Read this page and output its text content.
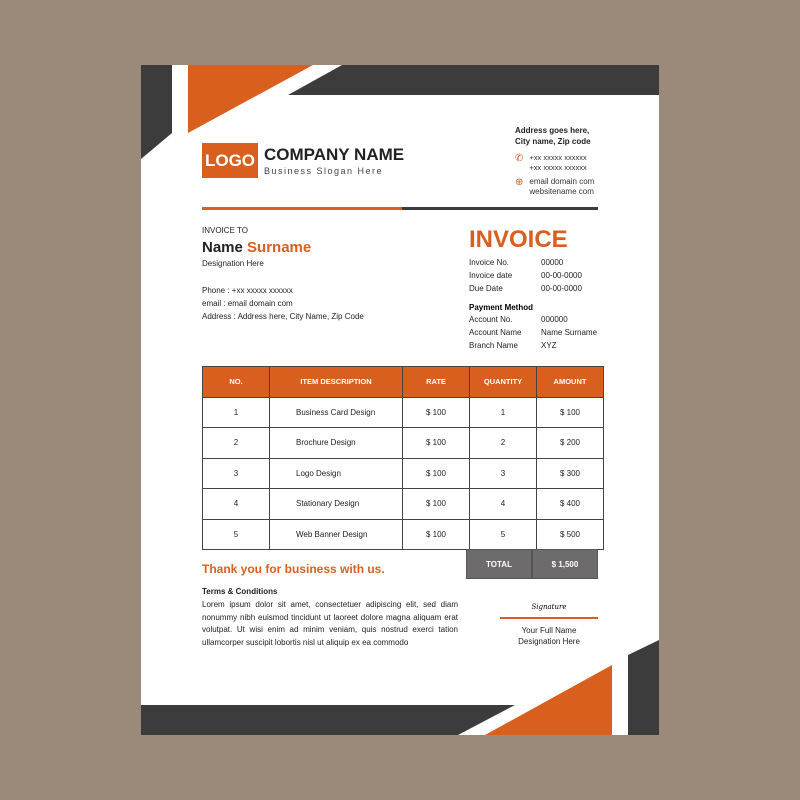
LOGO COMPANY NAME
Business Slogan Here
Address goes here,
City name, Zip code
✆ +xx xxxxx xxxxxx
+xx xxxxx xxxxxx
⊕ email domain com
websitename com
INVOICE TO
Name Surname
Designation Here
Phone : +xx xxxxx xxxxxx
email : email domain com
Address : Address here, City Name, Zip Code
INVOICE
Invoice No.	00000
Invoice date	00-00-0000
Due Date	00-00-0000
Payment Method
Account No.	000000
Account Name	Name Surname
Branch Name	XYZ
NO.	ITEM DESCRIPTION	RATE	QUANTITY	AMOUNT
1	Business Card Design	$ 100	1	$ 100
2	Brochure Design	$ 100	2	$ 200
3	Logo Design	$ 100	3	$ 300
4	Stationary Design	$ 100	4	$ 400
5	Web Banner Design	$ 100	5	$ 500
TOTAL	$ 1,500
Thank you for business with us.
Terms & Conditions
Lorem ipsum dolor sit amet, consectetuer adipiscing elit, sed diam nonummy nibh euismod tincidunt ut laoreet dolore magna aliquam erat volutpat. Ut wisi enim ad minim veniam, quis nostrud exerci tation ullamcorper suscipit lobortis nisl ut aliquip ex ea commodo
Signature
Your Full Name
Designation Here
